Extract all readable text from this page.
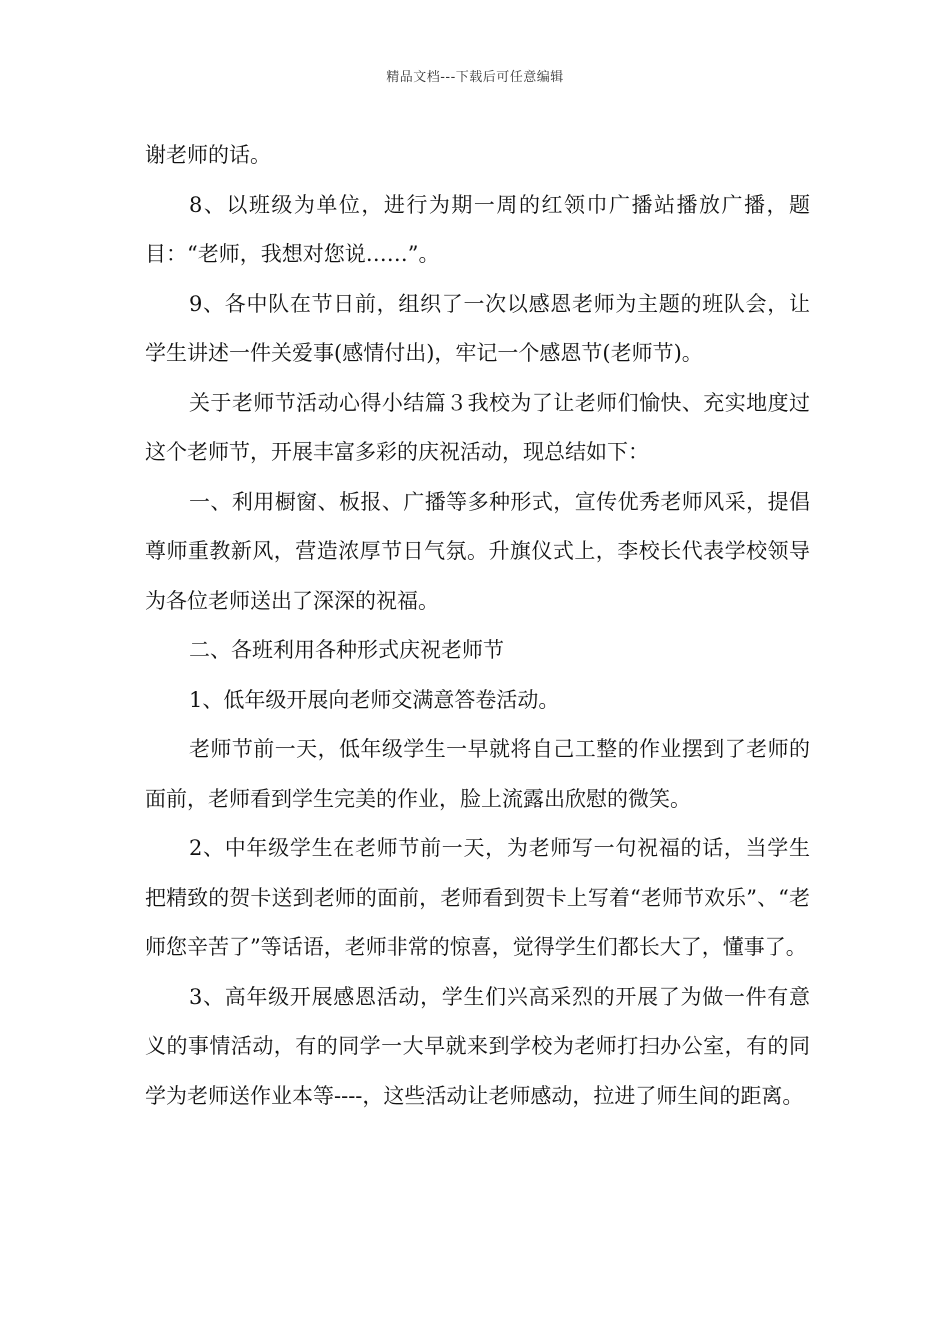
精品文档---下载后可任意编辑

谢老师的话。

8、以班级为单位，进行为期一周的红领巾广播站播放广播，题目：“老师，我想对您说……”。

9、各中队在节日前，组织了一次以感恩老师为主题的班队会，让学生讲述一件关爱事(感情付出)，牢记一个感恩节(老师节)。

关于老师节活动心得小结篇３我校为了让老师们愉快、充实地度过这个老师节，开展丰富多彩的庆祝活动，现总结如下：

一、利用橱窗、板报、广播等多种形式，宣传优秀老师风采，提倡尊师重教新风，营造浓厚节日气氛。升旗仪式上，李校长代表学校领导为各位老师送出了深深的祝福。

二、各班利用各种形式庆祝老师节

1、低年级开展向老师交满意答卷活动。

老师节前一天，低年级学生一早就将自己工整的作业摆到了老师的面前，老师看到学生完美的作业，脸上流露出欣慰的微笑。

2、中年级学生在老师节前一天，为老师写一句祝福的话，当学生把精致的贺卡送到老师的面前，老师看到贺卡上写着“老师节欢乐”、“老师您辛苦了”等话语，老师非常的惊喜，觉得学生们都长大了，懂事了。

3、高年级开展感恩活动，学生们兴高采烈的开展了为做一件有意义的事情活动，有的同学一大早就来到学校为老师打扫办公室，有的同学为老师送作业本等----，这些活动让老师感动，拉进了师生间的距离。
